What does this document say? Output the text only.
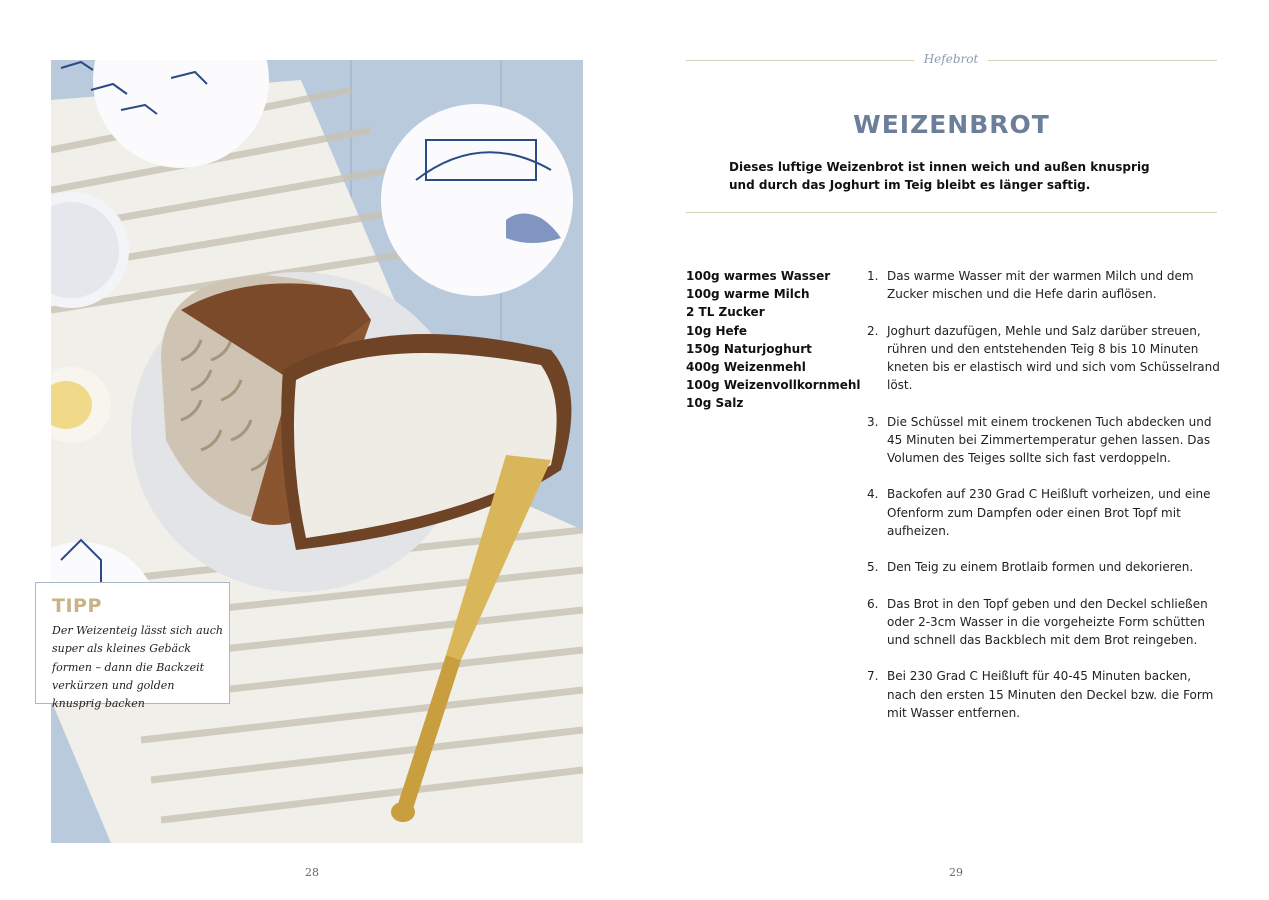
TIPP
Der Weizenteig lässt sich auch super als kleines Gebäck formen – dann die Backzeit verkürzen und golden knusprig backen
28
Hefebrot
WEIZENBROT
Dieses luftige Weizenbrot ist innen weich und außen knusprig und durch das Joghurt im Teig bleibt es länger saftig.
100g warmes Wasser
100g warme Milch
2 TL Zucker
10g Hefe
150g Naturjoghurt
400g Weizenmehl
100g Weizenvollkornmehl
10g Salz
1. Das warme Wasser mit der warmen Milch und dem Zucker mischen und die Hefe darin auflösen.
2. Joghurt dazufügen, Mehle und Salz darüber streuen, rühren und den entstehenden Teig 8 bis 10 Minuten kneten bis er elastisch wird und sich vom Schüsselrand löst.
3. Die Schüssel mit einem trockenen Tuch abdecken und 45 Minuten bei Zimmertemperatur gehen lassen. Das Volumen des Teiges sollte sich fast verdoppeln.
4. Backofen auf 230 Grad C Heißluft vorheizen, und eine Ofenform zum Dampfen oder einen Brot Topf mit aufheizen.
5. Den Teig zu einem Brotlaib formen und dekorieren.
6. Das Brot in den Topf geben und den Deckel schließen oder 2-3cm Wasser in die vorgeheizte Form schütten und schnell das Backblech mit dem Brot reingeben.
7. Bei 230 Grad C Heißluft für 40-45 Minuten backen, nach den ersten 15 Minuten den Deckel bzw. die Form mit Wasser entfernen.
29
